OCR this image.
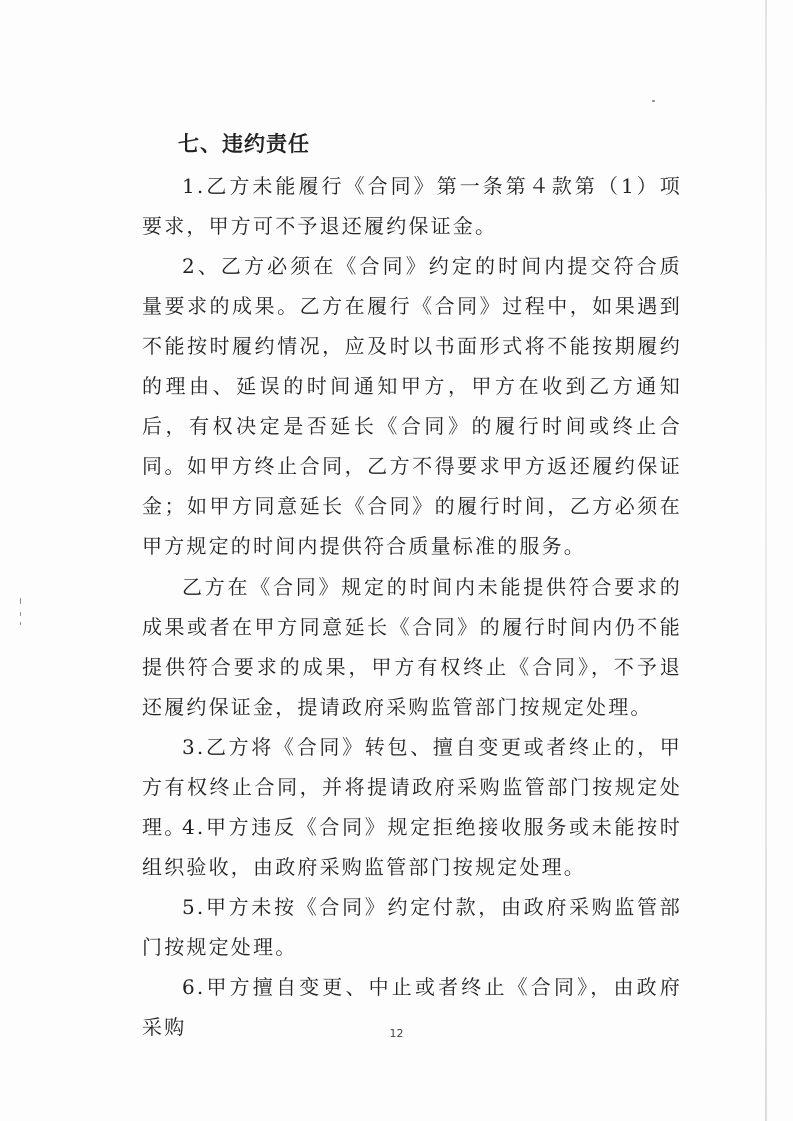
七、违约责任

1.乙方未能履行《合同》第一条第４款第（1）项要求，甲方可不予退还履约保证金。

2、乙方必须在《合同》约定的时间内提交符合质量要求的成果。乙方在履行《合同》过程中，如果遇到不能按时履约情况，应及时以书面形式将不能按期履约的理由、延误的时间通知甲方，甲方在收到乙方通知后，有权决定是否延长《合同》的履行时间或终止合同。如甲方终止合同，乙方不得要求甲方返还履约保证金；如甲方同意延长《合同》的履行时间，乙方必须在甲方规定的时间内提供符合质量标准的服务。

乙方在《合同》规定的时间内未能提供符合要求的成果或者在甲方同意延长《合同》的履行时间内仍不能提供符合要求的成果，甲方有权终止《合同》，不予退还履约保证金，提请政府采购监管部门按规定处理。

3.乙方将《合同》转包、擅自变更或者终止的，甲方有权终止合同，并将提请政府采购监管部门按规定处理。

4.甲方违反《合同》规定拒绝接收服务或未能按时组织验收，由政府采购监管部门按规定处理。

5.甲方未按《合同》约定付款，由政府采购监管部门按规定处理。

6.甲方擅自变更、中止或者终止《合同》，由政府采购	12
